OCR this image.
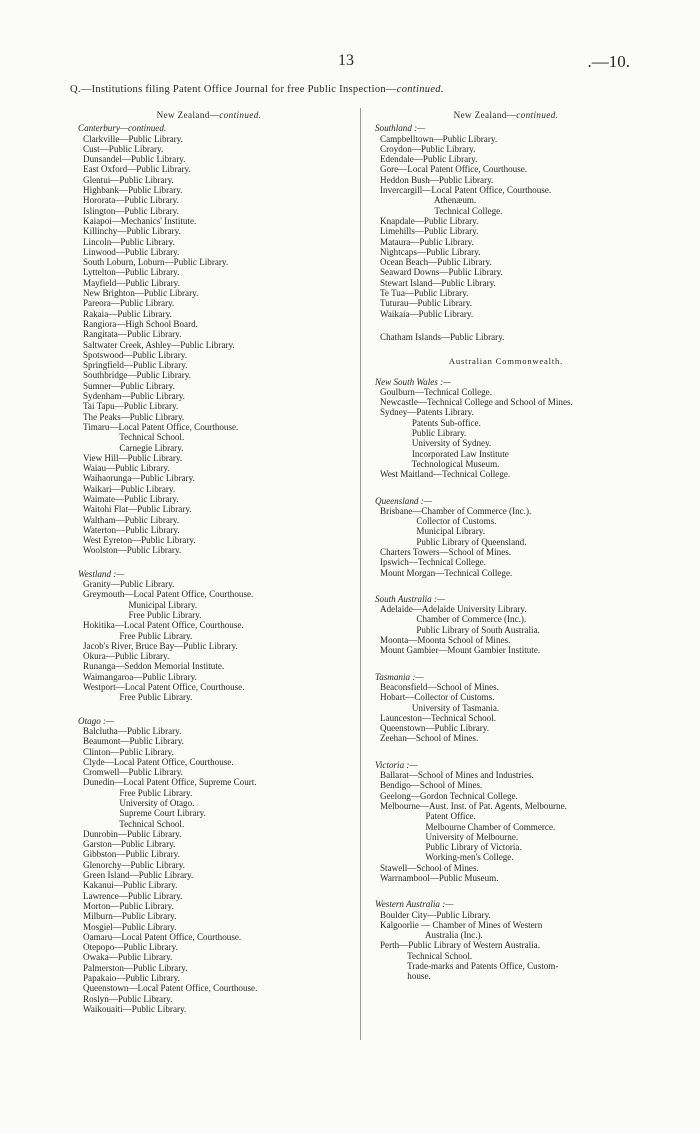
13	.—10.
Q.—Institutions filing Patent Office Journal for free Public Inspection—continued.
New Zealand—continued.
Canterbury—continued.
Clarkville—Public Library.
Cust—Public Library.
Dunsandel—Public Library.
East Oxford—Public Library.
Glentui—Public Library.
Highbank—Public Library.
Hororata—Public Library.
Islington—Public Library.
Kaiapoi—Mechanics' Institute.
Killinchy—Public Library.
Lincoln—Public Library.
Linwood—Public Library.
South Loburn, Loburn—Public Library.
Lyttelton—Public Library.
Mayfield—Public Library.
New Brighton—Public Library.
Pareora—Public Library.
Rakaia—Public Library.
Rangiora—High School Board.
Rangitata—Public Library.
Saltwater Creek, Ashley—Public Library.
Spotswood—Public Library.
Springfield—Public Library.
Southbridge—Public Library.
Sumner—Public Library.
Sydenham—Public Library.
Tai Tapu—Public Library.
The Peaks—Public Library.
Timaru—Local Patent Office, Courthouse.
Technical School.
Carnegie Library.
View Hill—Public Library.
Waiau—Public Library.
Waihaorunga—Public Library.
Waikari—Public Library.
Waimate—Public Library.
Waitohi Flat—Public Library.
Waltham—Public Library.
Waterton—Public Library.
West Eyreton—Public Library.
Woolston—Public Library.
Westland :—
Granity—Public Library.
Greymouth—Local Patent Office, Courthouse.
Municipal Library.
Free Public Library.
Hokitika—Local Patent Office, Courthouse.
Free Public Library.
Jacob's River, Bruce Bay—Public Library.
Okura—Public Library.
Runanga—Seddon Memorial Institute.
Waimangaroa—Public Library.
Westport—Local Patent Office, Courthouse.
Free Public Library.
Otago :—
Balclutha—Public Library.
Beaumont—Public Library.
Clinton—Public Library.
Clyde—Local Patent Office, Courthouse.
Cromwell—Public Library.
Dunedin—Local Patent Office, Supreme Court.
Free Public Library.
University of Otago.
Supreme Court Library.
Technical School.
Dunrobin—Public Library.
Garston—Public Library.
Gibbston—Public Library.
Glenorchy—Public Library.
Green Island—Public Library.
Kakanui—Public Library.
Lawrence—Public Library.
Morton—Public Library.
Milburn—Public Library.
Mosgiel—Public Library.
Oamaru—Local Patent Office, Courthouse.
Otepopo—Public Library.
Owaka—Public Library.
Palmerston—Public Library.
Papakaio—Public Library.
Queenstown—Local Patent Office, Courthouse.
Roslyn—Public Library.
Waikouaiti—Public Library.
New Zealand—continued.
Southland :—
Campbelltown—Public Library.
Croydon—Public Library.
Edendale—Public Library.
Gore—Local Patent Office, Courthouse.
Heddon Bush—Public Library.
Invercargill—Local Patent Office, Courthouse.
Athenæum.
Technical College.
Knapdale—Public Library.
Limehills—Public Library.
Mataura—Public Library.
Nightcaps—Public Library.
Ocean Beach—Public Library.
Seaward Downs—Public Library.
Stewart Island—Public Library.
Te Tua—Public Library.
Tuturau—Public Library.
Waikaia—Public Library.
Chatham Islands—Public Library.
Australian Commonwealth.
New South Wales :—
Goulburn—Technical College.
Newcastle—Technical College and School of Mines.
Sydney—Patents Library.
Patents Sub-office.
Public Library.
University of Sydney.
Incorporated Law Institute
Technological Museum.
West Maitland—Technical College.
Queensland :—
Brisbane—Chamber of Commerce (Inc.).
Collector of Customs.
Municipal Library.
Public Library of Queensland.
Charters Towers—School of Mines.
Ipswich—Technical College.
Mount Morgan—Technical College.
South Australia :—
Adelaide—Adelaide University Library.
Chamber of Commerce (Inc.).
Public Library of South Australia.
Moonta—Moonta School of Mines.
Mount Gambier—Mount Gambier Institute.
Tasmania :—
Beaconsfield—School of Mines.
Hobart—Collector of Customs.
University of Tasmania.
Launceston—Technical School.
Queenstown—Public Library.
Zeehan—School of Mines.
Victoria :—
Ballarat—School of Mines and Industries.
Bendigo—School of Mines.
Geelong—Gordon Technical College.
Melbourne—Aust. Inst. of Pat. Agents, Melbourne.
Patent Office.
Melbourne Chamber of Commerce.
University of Melbourne.
Public Library of Victoria.
Working-men's College.
Stawell—School of Mines.
Warrnambool—Public Museum.
Western Australia :—
Boulder City—Public Library.
Kalgoorlie — Chamber of Mines of Western
Australia (Inc.).
Perth—Public Library of Western Australia.
Technical School.
Trade-marks and Patents Office, Custom-
house.
